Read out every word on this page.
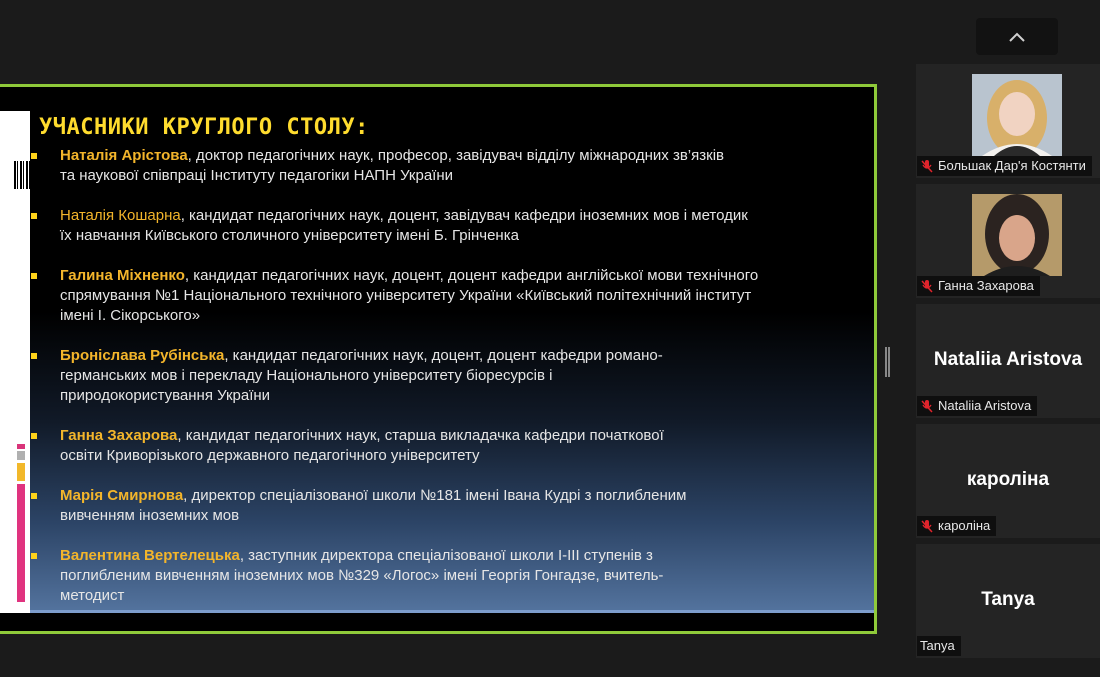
УЧАСНИКИ КРУГЛОГО СТОЛУ:
Наталія Арістова, доктор педагогічних наук, професор, завідувач відділу міжнародних зв’язків
та наукової співпраці Інституту педагогіки НАПН України
Наталія Кошарна, кандидат педагогічних наук, доцент, завідувач кафедри іноземних мов і методик
їх навчання Київського столичного університету імені Б. Грінченка
Галина Міхненко, кандидат педагогічних наук, доцент, доцент кафедри англійської мови технічного
спрямування №1 Національного технічного університету України «Київський політехнічний інститут
імені І. Сікорського»
Броніслава Рубінська, кандидат педагогічних наук, доцент, доцент кафедри романо-
германських мов і перекладу Національного університету біоресурсів і
природокористування України
Ганна Захарова, кандидат педагогічних наук, старша викладачка кафедри початкової
освіти Криворізького державного педагогічного університету
Марія Смирнова, директор спеціалізованої школи №181 імені Івана Кудрі з поглибленим
вивченням іноземних мов
Валентина Вертелецька, заступник директора спеціалізованої школи І-ІІІ ступенів з
поглибленим вивченням іноземних мов №329 «Логос» імені Георгія Гонгадзе, вчитель-
методист
Большак Дар'я Костянти
Ганна Захарова
Nataliia Aristova
Nataliia Aristova
кароліна
кароліна
Tanya
Tanya
